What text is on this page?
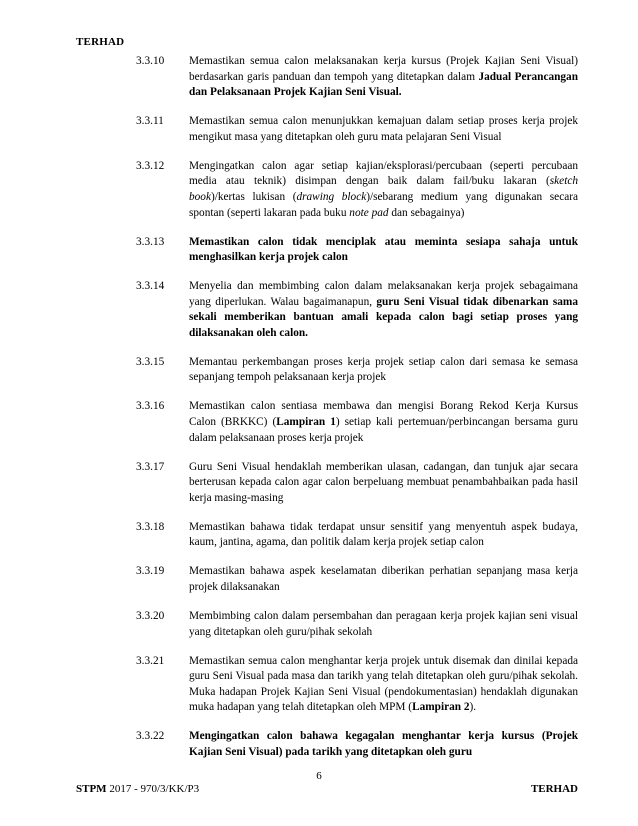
TERHAD
3.3.10	Memastikan semua calon melaksanakan kerja kursus (Projek Kajian Seni Visual) berdasarkan garis panduan dan tempoh yang ditetapkan dalam Jadual Perancangan dan Pelaksanaan Projek Kajian Seni Visual.
3.3.11	Memastikan semua calon menunjukkan kemajuan dalam setiap proses kerja projek mengikut masa yang ditetapkan oleh guru mata pelajaran Seni Visual
3.3.12	Mengingatkan calon agar setiap kajian/eksplorasi/percubaan (seperti percubaan media atau teknik) disimpan dengan baik dalam fail/buku lakaran (sketch book)/kertas lukisan (drawing block)/sebarang medium yang digunakan secara spontan (seperti lakaran pada buku note pad dan sebagainya)
3.3.13	Memastikan calon tidak menciplak atau meminta sesiapa sahaja untuk menghasilkan kerja projek calon
3.3.14	Menyelia dan membimbing calon dalam melaksanakan kerja projek sebagaimana yang diperlukan. Walau bagaimanapun, guru Seni Visual tidak dibenarkan sama sekali memberikan bantuan amali kepada calon bagi setiap proses yang dilaksanakan oleh calon.
3.3.15	Memantau perkembangan proses kerja projek setiap calon dari semasa ke semasa sepanjang tempoh pelaksanaan kerja projek
3.3.16	Memastikan calon sentiasa membawa dan mengisi Borang Rekod Kerja Kursus Calon (BRKKC) (Lampiran 1) setiap kali pertemuan/perbincangan bersama guru dalam pelaksanaan proses kerja projek
3.3.17	Guru Seni Visual hendaklah memberikan ulasan, cadangan, dan tunjuk ajar secara berterusan kepada calon agar calon berpeluang membuat penambahbaikan pada hasil kerja masing-masing
3.3.18	Memastikan bahawa tidak terdapat unsur sensitif yang menyentuh aspek budaya, kaum, jantina, agama, dan politik dalam kerja projek setiap calon
3.3.19	Memastikan bahawa aspek keselamatan diberikan perhatian sepanjang masa kerja projek dilaksanakan
3.3.20	Membimbing calon dalam persembahan dan peragaan kerja projek kajian seni visual yang ditetapkan oleh guru/pihak sekolah
3.3.21	Memastikan semua calon menghantar kerja projek untuk disemak dan dinilai kepada guru Seni Visual pada masa dan tarikh yang telah ditetapkan oleh guru/pihak sekolah. Muka hadapan Projek Kajian Seni Visual (pendokumentasian) hendaklah digunakan muka hadapan yang telah ditetapkan oleh MPM (Lampiran 2).
3.3.22	Mengingatkan calon bahawa kegagalan menghantar kerja kursus (Projek Kajian Seni Visual) pada tarikh yang ditetapkan oleh guru
6
STPM 2017 - 970/3/KK/P3	TERHAD
